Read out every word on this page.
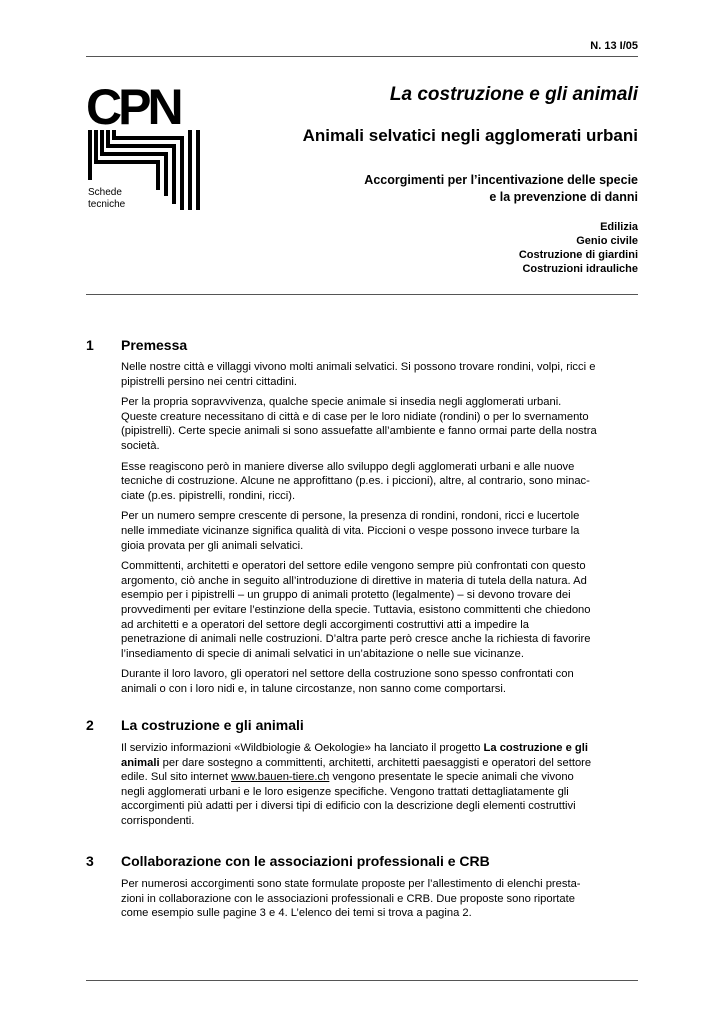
N. 13 I/05
CPN
Schede
tecniche
La costruzione e gli animali
Animali selvatici negli agglomerati urbani
Accorgimenti per l’incentivazione delle specie
e la prevenzione di danni
Edilizia
Genio civile
Costruzione di giardini
Costruzioni idrauliche
1 Premessa

Nelle nostre città e villaggi vivono molti animali selvatici. Si possono trovare rondini, volpi, ricci e
pipistrelli persino nei centri cittadini.

Per la propria sopravvivenza, qualche specie animale si insedia negli agglomerati urbani.
Queste creature necessitano di città e di case per le loro nidiate (rondini) o per lo svernamento
(pipistrelli). Certe specie animali si sono assuefatte all’ambiente e fanno ormai parte della nostra
società.

Esse reagiscono però in maniere diverse allo sviluppo degli agglomerati urbani e alle nuove
tecniche di costruzione. Alcune ne approfittano (p.es. i piccioni), altre, al contrario, sono minac-
ciate (p.es. pipistrelli, rondini, ricci).

Per un numero sempre crescente di persone, la presenza di rondini, rondoni, ricci e lucertole
nelle immediate vicinanze significa qualità di vita. Piccioni o vespe possono invece turbare la
gioia provata per gli animali selvatici.

Committenti, architetti e operatori del settore edile vengono sempre più confrontati con questo
argomento, ciò anche in seguito all’introduzione di direttive in materia di tutela della natura. Ad
esempio per i pipistrelli – un gruppo di animali protetto (legalmente) – si devono trovare dei
provvedimenti per evitare l’estinzione della specie. Tuttavia, esistono committenti che chiedono
ad architetti e a operatori del settore degli accorgimenti costruttivi atti a impedire la
penetrazione di animali nelle costruzioni. D’altra parte però cresce anche la richiesta di favorire
l’insediamento di specie di animali selvatici in un’abitazione o nelle sue vicinanze.

Durante il loro lavoro, gli operatori nel settore della costruzione sono spesso confrontati con
animali o con i loro nidi e, in talune circostanze, non sanno come comportarsi.

2 La costruzione e gli animali

Il servizio informazioni «Wildbiologie & Oekologie» ha lanciato il progetto La costruzione e gli
animali per dare sostegno a committenti, architetti, architetti paesaggisti e operatori del settore
edile. Sul sito internet www.bauen-tiere.ch vengono presentate le specie animali che vivono
negli agglomerati urbani e le loro esigenze specifiche. Vengono trattati dettagliatamente gli
accorgimenti più adatti per i diversi tipi di edificio con la descrizione degli elementi costruttivi
corrispondenti.

3 Collaborazione con le associazioni professionali e CRB

Per numerosi accorgimenti sono state formulate proposte per l’allestimento di elenchi presta-
zioni in collaborazione con le associazioni professionali e CRB. Due proposte sono riportate
come esempio sulle pagine 3 e 4. L’elenco dei temi si trova a pagina 2.
